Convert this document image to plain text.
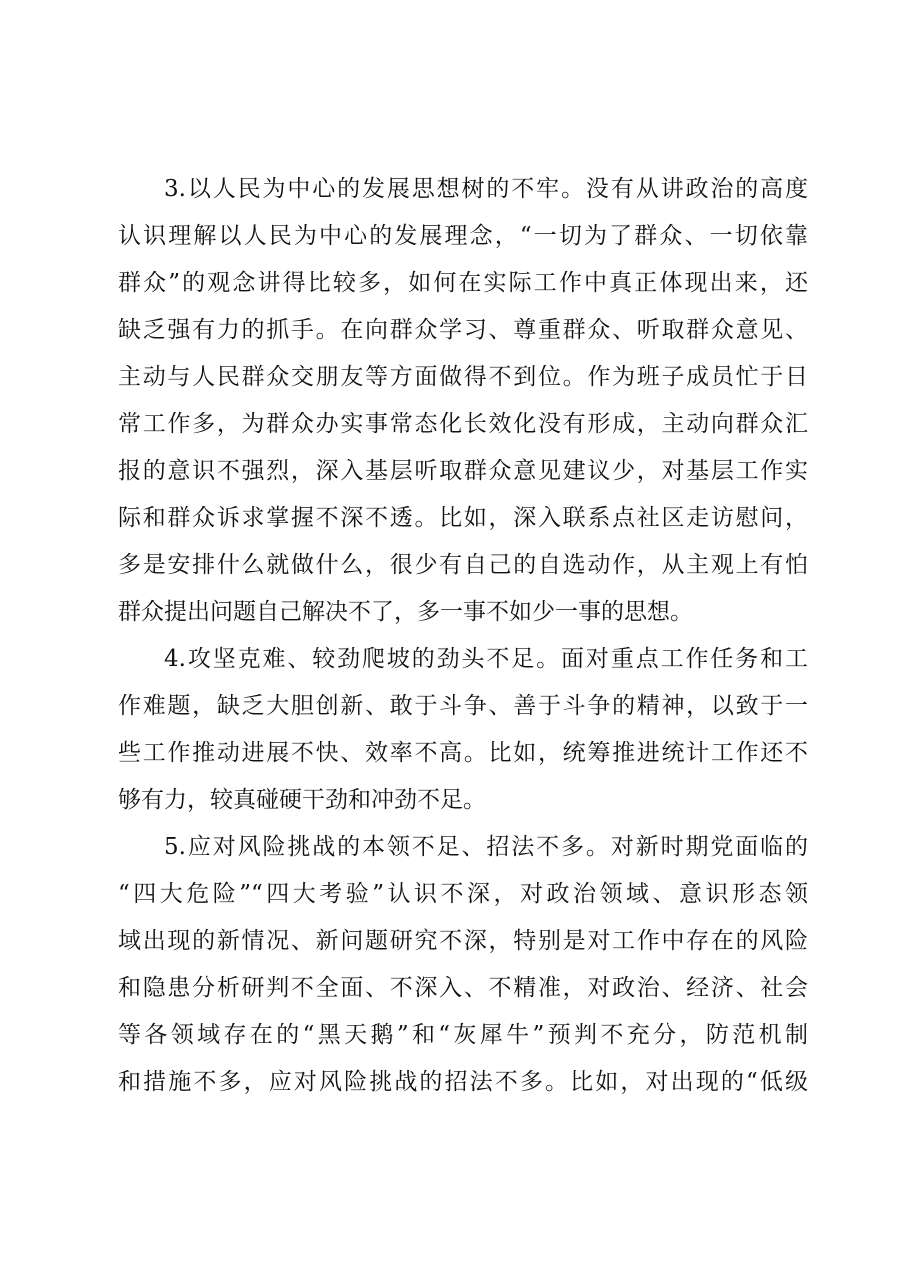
3.以人民为中心的发展思想树的不牢。没有从讲政治的高度
认识理解以人民为中心的发展理念，“一切为了群众、一切依靠
群众”的观念讲得比较多，如何在实际工作中真正体现出来，还
缺乏强有力的抓手。在向群众学习、尊重群众、听取群众意见、
主动与人民群众交朋友等方面做得不到位。作为班子成员忙于日
常工作多，为群众办实事常态化长效化没有形成，主动向群众汇
报的意识不强烈，深入基层听取群众意见建议少，对基层工作实
际和群众诉求掌握不深不透。比如，深入联系点社区走访慰问，
多是安排什么就做什么，很少有自己的自选动作，从主观上有怕
群众提出问题自己解决不了，多一事不如少一事的思想。
4.攻坚克难、较劲爬坡的劲头不足。面对重点工作任务和工
作难题，缺乏大胆创新、敢于斗争、善于斗争的精神，以致于一
些工作推动进展不快、效率不高。比如，统筹推进统计工作还不
够有力，较真碰硬干劲和冲劲不足。
5.应对风险挑战的本领不足、招法不多。对新时期党面临的
“四大危险”“四大考验”认识不深，对政治领域、意识形态领
域出现的新情况、新问题研究不深，特别是对工作中存在的风险
和隐患分析研判不全面、不深入、不精准，对政治、经济、社会
等各领域存在的“黑天鹅”和“灰犀牛”预判不充分，防范机制
和措施不多，应对风险挑战的招法不多。比如，对出现的“低级
